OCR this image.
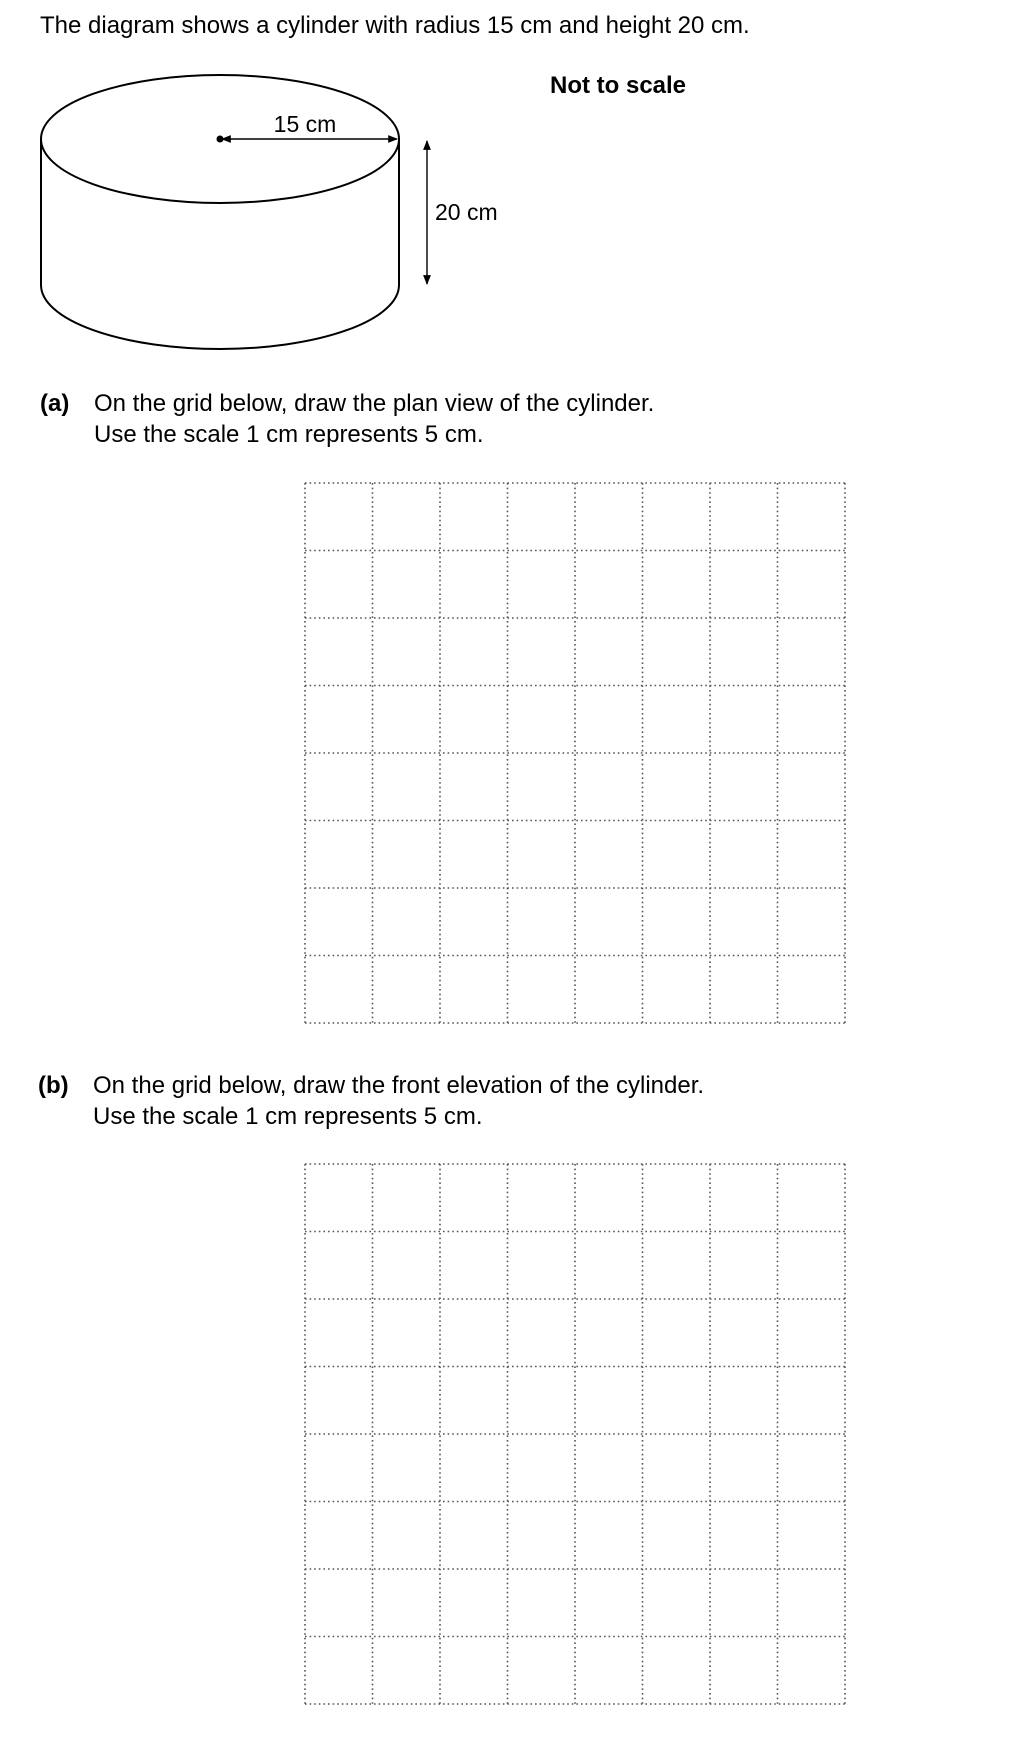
The diagram shows a cylinder with radius 15 cm and height 20 cm.
Not to scale
15 cm
20 cm
(a) On the grid below, draw the plan view of the cylinder.
Use the scale 1 cm represents 5 cm.
(b) On the grid below, draw the front elevation of the cylinder.
Use the scale 1 cm represents 5 cm.
